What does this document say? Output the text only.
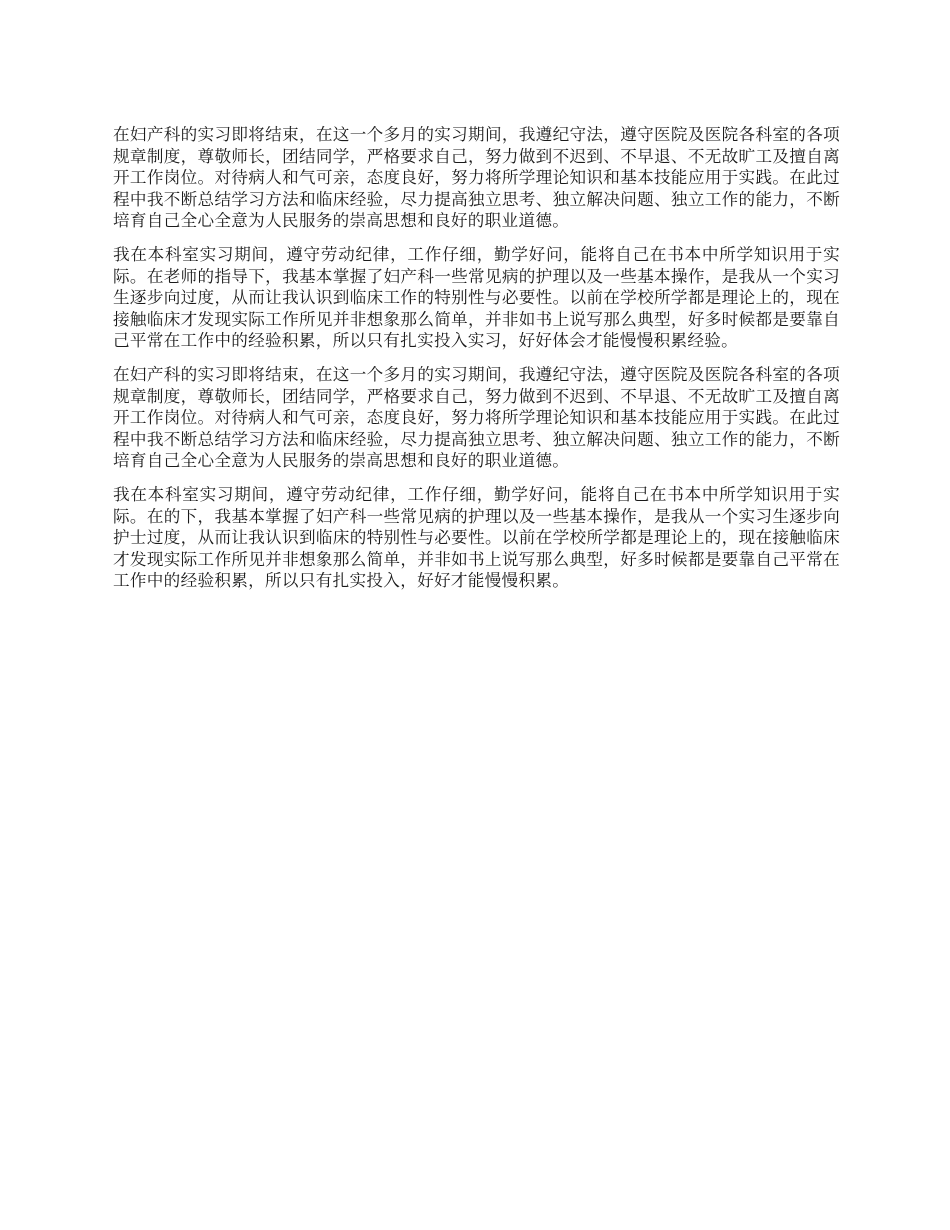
在妇产科的实习即将结束，在这一个多月的实习期间，我遵纪守法，遵守医院及医院各科室的各项规章制度，尊敬师长，团结同学，严格要求自己，努力做到不迟到、不早退、不无故旷工及擅自离开工作岗位。对待病人和气可亲，态度良好，努力将所学理论知识和基本技能应用于实践。在此过程中我不断总结学习方法和临床经验，尽力提高独立思考、独立解决问题、独立工作的能力，不断培育自己全心全意为人民服务的崇高思想和良好的职业道德。

我在本科室实习期间，遵守劳动纪律，工作仔细，勤学好问，能将自己在书本中所学知识用于实际。在老师的指导下，我基本掌握了妇产科一些常见病的护理以及一些基本操作，是我从一个实习生逐步向过度，从而让我认识到临床工作的特别性与必要性。以前在学校所学都是理论上的，现在接触临床才发现实际工作所见并非想象那么简单，并非如书上说写那么典型，好多时候都是要靠自己平常在工作中的经验积累，所以只有扎实投入实习，好好体会才能慢慢积累经验。

在妇产科的实习即将结束，在这一个多月的实习期间，我遵纪守法，遵守医院及医院各科室的各项规章制度，尊敬师长，团结同学，严格要求自己，努力做到不迟到、不早退、不无故旷工及擅自离开工作岗位。对待病人和气可亲，态度良好，努力将所学理论知识和基本技能应用于实践。在此过程中我不断总结学习方法和临床经验，尽力提高独立思考、独立解决问题、独立工作的能力，不断培育自己全心全意为人民服务的崇高思想和良好的职业道德。

我在本科室实习期间，遵守劳动纪律，工作仔细，勤学好问，能将自己在书本中所学知识用于实际。在的下，我基本掌握了妇产科一些常见病的护理以及一些基本操作，是我从一个实习生逐步向护士过度，从而让我认识到临床的特别性与必要性。以前在学校所学都是理论上的，现在接触临床才发现实际工作所见并非想象那么简单，并非如书上说写那么典型，好多时候都是要靠自己平常在工作中的经验积累，所以只有扎实投入，好好才能慢慢积累。
